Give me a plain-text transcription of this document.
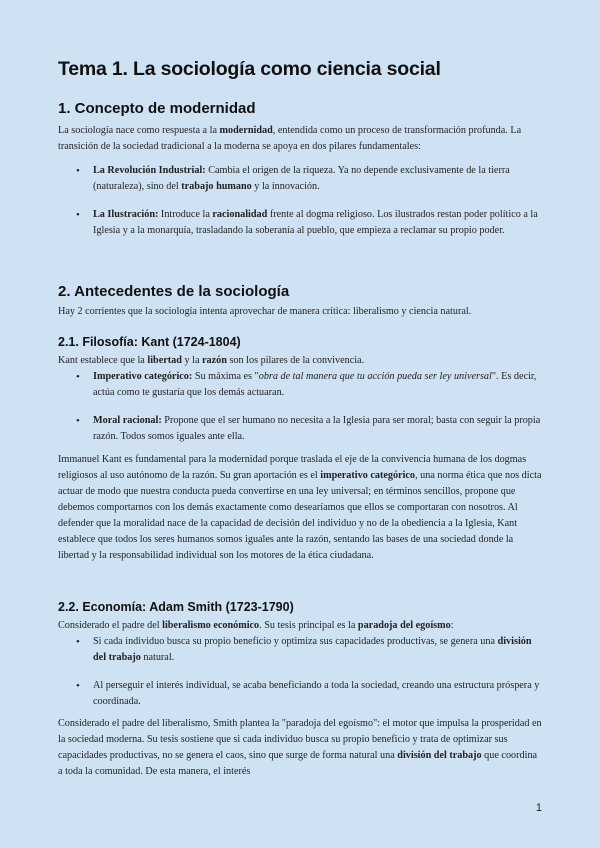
Tema 1. La sociología como ciencia social
1. Concepto de modernidad

La sociología nace como respuesta a la modernidad, entendida como un proceso de transformación profunda. La transición de la sociedad tradicional a la moderna se apoya en dos pilares fundamentales:

• La Revolución Industrial: Cambia el origen de la riqueza. Ya no depende exclusivamente de la tierra (naturaleza), sino del trabajo humano y la innovación.
• La Ilustración: Introduce la racionalidad frente al dogma religioso. Los ilustrados restan poder político a la Iglesia y a la monarquía, trasladando la soberanía al pueblo, que empieza a reclamar su propio poder.
2. Antecedentes de la sociología

Hay 2 corrientes que la sociología intenta aprovechar de manera crítica: liberalismo y ciencia natural.

2.1. Filosofía: Kant (1724-1804)

Kant establece que la libertad y la razón son los pilares de la convivencia.

• Imperativo categórico: Su máxima es "obra de tal manera que tu acción pueda ser ley universal". Es decir, actúa como te gustaría que los demás actuaran.
• Moral racional: Propone que el ser humano no necesita a la Iglesia para ser moral; basta con seguir la propia razón. Todos somos iguales ante ella.

Immanuel Kant es fundamental para la modernidad porque traslada el eje de la convivencia humana de los dogmas religiosos al uso autónomo de la razón. Su gran aportación es el imperativo categórico, una norma ética que nos dicta actuar de modo que nuestra conducta pueda convertirse en una ley universal; en términos sencillos, propone que debemos comportarnos con los demás exactamente como desearíamos que ellos se comportaran con nosotros. Al defender que la moralidad nace de la capacidad de decisión del individuo y no de la obediencia a la Iglesia, Kant establece que todos los seres humanos somos iguales ante la razón, sentando las bases de una sociedad donde la libertad y la responsabilidad individual son los motores de la ética ciudadana.

2.2. Economía: Adam Smith (1723-1790)

Considerado el padre del liberalismo económico. Su tesis principal es la paradoja del egoísmo:

• Si cada individuo busca su propio beneficio y optimiza sus capacidades productivas, se genera una división del trabajo natural.
• Al perseguir el interés individual, se acaba beneficiando a toda la sociedad, creando una estructura próspera y coordinada.

Considerado el padre del liberalismo, Smith plantea la "paradoja del egoísmo": el motor que impulsa la prosperidad en la sociedad moderna. Su tesis sostiene que si cada individuo busca su propio beneficio y trata de optimizar sus capacidades productivas, no se genera el caos, sino que surge de forma natural una división del trabajo que coordina a toda la comunidad. De esta manera, el interés

1
